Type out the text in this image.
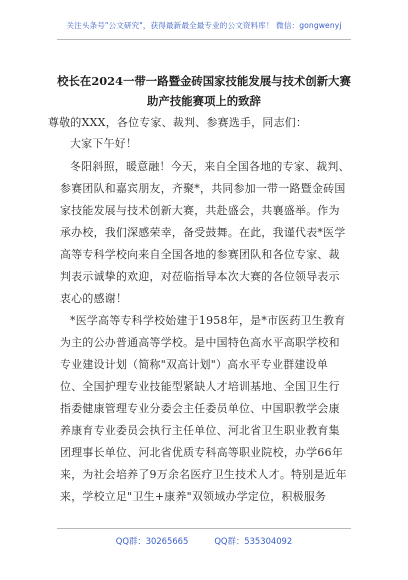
关注头条号"公文研究"，获得最新最全最专业的公文资料库！ 微信：gongwenyj
校长在2024一带一路暨金砖国家技能发展与技术创新大赛
助产技能赛项上的致辞
尊敬的XXX，各位专家、裁判、参赛选手，同志们：
大家下午好！
冬阳斜照，暖意融！今天，来自全国各地的专家、裁判、
参赛团队和嘉宾朋友，齐聚*，共同参加一带一路暨金砖国
家技能发展与技术创新大赛，共赴盛会，共襄盛举。作为
承办校，我们深感荣幸，备受鼓舞。在此，我谨代表*医学
高等专科学校向来自全国各地的参赛团队和各位专家、裁
判表示诚挚的欢迎，对莅临指导本次大赛的各位领导表示
衷心的感谢！
*医学高等专科学校始建于1958年，是*市医药卫生教育
为主的公办普通高等学校。是中国特色高水平高职学校和
专业建设计划（简称"双高计划"）高水平专业群建设单
位、全国护理专业技能型紧缺人才培训基地、全国卫生行
指委健康管理专业分委会主任委员单位、中国职教学会康
养康育专业委员会执行主任单位、河北省卫生职业教育集
团理事长单位、河北省优质专科高等职业院校，办学66年
来，为社会培养了9万余名医疗卫生技术人才。特别是近年
来，学校立足"卫生+康养"双领域办学定位，积极服务
QQ群：30265665	QQ群：535304092
